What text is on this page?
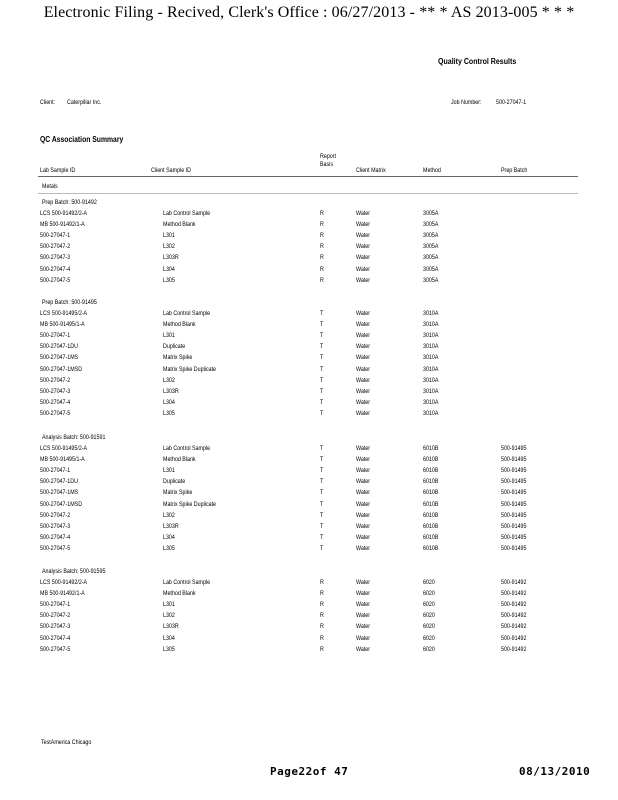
Electronic Filing - Recived, Clerk's Office : 06/27/2013 - ** * AS 2013-005 * * *
Quality Control Results
Client: Caterpillar Inc.	Job Number: 500-27047-1
QC Association Summary
Report
Basis
Lab Sample ID	Client Sample ID	Client Matrix	Method	Prep Batch
Metals
Prep Batch: 500-91492
LCS 500-91492/2-A	Lab Control Sample	R	Water	3005A
MB 500-91492/1-A	Method Blank	R	Water	3005A
500-27047-1	L301	R	Water	3005A
500-27047-2	L302	R	Water	3005A
500-27047-3	L303R	R	Water	3005A
500-27047-4	L304	R	Water	3005A
500-27047-5	L305	R	Water	3005A
Prep Batch: 500-91495
LCS 500-91495/2-A	Lab Control Sample	T	Water	3010A
MB 500-91495/1-A	Method Blank	T	Water	3010A
500-27047-1	L301	T	Water	3010A
500-27047-1DU	Duplicate	T	Water	3010A
500-27047-1MS	Matrix Spike	T	Water	3010A
500-27047-1MSD	Matrix Spike Duplicate	T	Water	3010A
500-27047-2	L302	T	Water	3010A
500-27047-3	L303R	T	Water	3010A
500-27047-4	L304	T	Water	3010A
500-27047-5	L305	T	Water	3010A
Analysis Batch: 500-91591
LCS 500-91495/2-A	Lab Control Sample	T	Water	6010B	500-91495
MB 500-91495/1-A	Method Blank	T	Water	6010B	500-91495
500-27047-1	L301	T	Water	6010B	500-91495
500-27047-1DU	Duplicate	T	Water	6010B	500-91495
500-27047-1MS	Matrix Spike	T	Water	6010B	500-91495
500-27047-1MSD	Matrix Spike Duplicate	T	Water	6010B	500-91495
500-27047-2	L302	T	Water	6010B	500-91495
500-27047-3	L303R	T	Water	6010B	500-91495
500-27047-4	L304	T	Water	6010B	500-91495
500-27047-5	L305	T	Water	6010B	500-91495
Analysis Batch: 500-91595
LCS 500-91492/2-A	Lab Control Sample	R	Water	6020	500-91492
MB 500-91492/1-A	Method Blank	R	Water	6020	500-91492
500-27047-1	L301	R	Water	6020	500-91492
500-27047-2	L302	R	Water	6020	500-91492
500-27047-3	L303R	R	Water	6020	500-91492
500-27047-4	L304	R	Water	6020	500-91492
500-27047-5	L305	R	Water	6020	500-91492
TestAmerica Chicago
Page22of 47	08/13/2010
